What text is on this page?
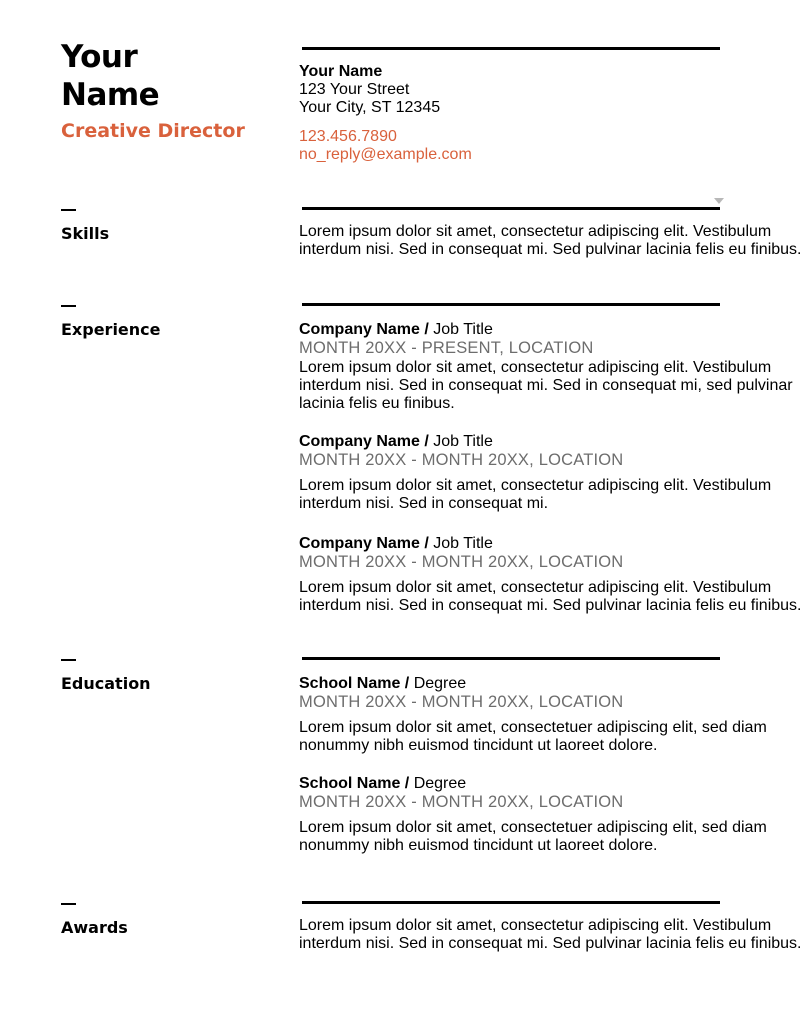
Your
Name
Creative Director
Your Name
123 Your Street
Your City, ST 12345
123.456.7890
no_reply@example.com
Skills	Lorem ipsum dolor sit amet, consectetur adipiscing elit. Vestibulum
interdum nisi. Sed in consequat mi. Sed pulvinar lacinia felis eu finibus.
Experience	Company Name / Job Title
MONTH 20XX - PRESENT, LOCATION
Lorem ipsum dolor sit amet, consectetur adipiscing elit. Vestibulum
interdum nisi. Sed in consequat mi. Sed in consequat mi, sed pulvinar
lacinia felis eu finibus.
Company Name / Job Title
MONTH 20XX - MONTH 20XX, LOCATION
Lorem ipsum dolor sit amet, consectetur adipiscing elit. Vestibulum
interdum nisi. Sed in consequat mi.
Company Name / Job Title
MONTH 20XX - MONTH 20XX, LOCATION
Lorem ipsum dolor sit amet, consectetur adipiscing elit. Vestibulum
interdum nisi. Sed in consequat mi. Sed pulvinar lacinia felis eu finibus.
Education	School Name / Degree
MONTH 20XX - MONTH 20XX, LOCATION
Lorem ipsum dolor sit amet, consectetuer adipiscing elit, sed diam
nonummy nibh euismod tincidunt ut laoreet dolore.
School Name / Degree
MONTH 20XX - MONTH 20XX, LOCATION
Lorem ipsum dolor sit amet, consectetuer adipiscing elit, sed diam
nonummy nibh euismod tincidunt ut laoreet dolore.
Awards	Lorem ipsum dolor sit amet, consectetur adipiscing elit. Vestibulum
interdum nisi. Sed in consequat mi. Sed pulvinar lacinia felis eu finibus.
